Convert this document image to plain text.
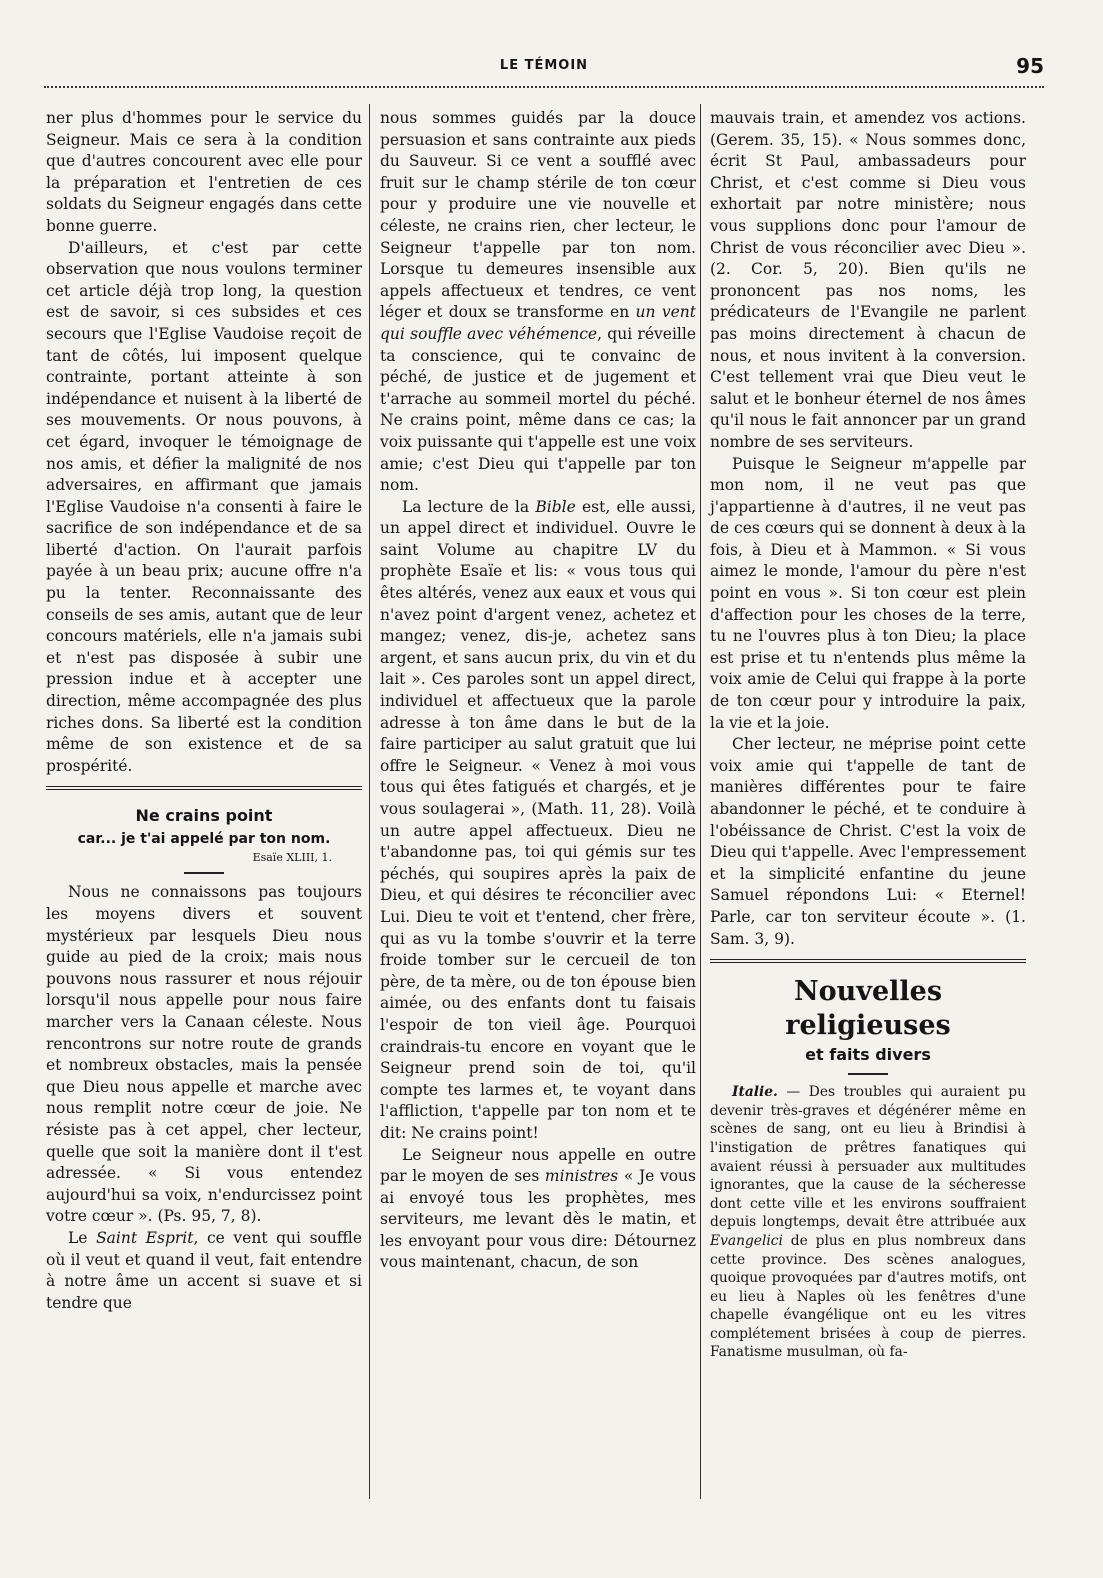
LE TÉMOIN	95

ner plus d'hommes pour le service du Seigneur. Mais ce sera à la condition que d'autres concourent avec elle pour la préparation et l'entretien de ces soldats du Seigneur engagés dans cette bonne guerre.

D'ailleurs, et c'est par cette observation que nous voulons terminer cet article déjà trop long, la question est de savoir, si ces subsides et ces secours que l'Eglise Vaudoise reçoit de tant de côtés, lui imposent quelque contrainte, portant atteinte à son indépendance et nuisent à la liberté de ses mouvements. Or nous pouvons, à cet égard, invoquer le témoignage de nos amis, et défier la malignité de nos adversaires, en affirmant que jamais l'Eglise Vaudoise n'a consenti à faire le sacrifice de son indépendance et de sa liberté d'action. On l'aurait parfois payée à un beau prix; aucune offre n'a pu la tenter. Reconnaissante des conseils de ses amis, autant que de leur concours matériels, elle n'a jamais subi et n'est pas disposée à subir une pression indue et à accepter une direction, même accompagnée des plus riches dons. Sa liberté est la condition même de son existence et de sa prospérité.

Ne crains point
car... je t'ai appelé par ton nom.
Esaïe XLIII, 1.

Nous ne connaissons pas toujours les moyens divers et souvent mystérieux par lesquels Dieu nous guide au pied de la croix; mais nous pouvons nous rassurer et nous réjouir lorsqu'il nous appelle pour nous faire marcher vers la Canaan céleste. Nous rencontrons sur notre route de grands et nombreux obstacles, mais la pensée que Dieu nous appelle et marche avec nous remplit notre cœur de joie. Ne résiste pas à cet appel, cher lecteur, quelle que soit la manière dont il t'est adressée. « Si vous entendez aujourd'hui sa voix, n'endurcissez point votre cœur ». (Ps. 95, 7, 8).

Le Saint Esprit, ce vent qui souffle où il veut et quand il veut, fait entendre à notre âme un accent si suave et si tendre que

nous sommes guidés par la douce persuasion et sans contrainte aux pieds du Sauveur. Si ce vent a soufflé avec fruit sur le champ stérile de ton cœur pour y produire une vie nouvelle et céleste, ne crains rien, cher lecteur, le Seigneur t'appelle par ton nom. Lorsque tu demeures insensible aux appels affectueux et tendres, ce vent léger et doux se transforme en un vent qui souffle avec véhémence, qui réveille ta conscience, qui te convainc de péché, de justice et de jugement et t'arrache au sommeil mortel du péché. Ne crains point, même dans ce cas; la voix puissante qui t'appelle est une voix amie; c'est Dieu qui t'appelle par ton nom.

La lecture de la Bible est, elle aussi, un appel direct et individuel. Ouvre le saint Volume au chapitre LV du prophète Esaïe et lis: « vous tous qui êtes altérés, venez aux eaux et vous qui n'avez point d'argent venez, achetez et mangez; venez, dis-je, achetez sans argent, et sans aucun prix, du vin et du lait ». Ces paroles sont un appel direct, individuel et affectueux que la parole adresse à ton âme dans le but de la faire participer au salut gratuit que lui offre le Seigneur. « Venez à moi vous tous qui êtes fatigués et chargés, et je vous soulagerai », (Math. 11, 28). Voilà un autre appel affectueux. Dieu ne t'abandonne pas, toi qui gémis sur tes péchés, qui soupires après la paix de Dieu, et qui désires te réconcilier avec Lui. Dieu te voit et t'entend, cher frère, qui as vu la tombe s'ouvrir et la terre froide tomber sur le cercueil de ton père, de ta mère, ou de ton épouse bien aimée, ou des enfants dont tu faisais l'espoir de ton vieil âge. Pourquoi craindrais-tu encore en voyant que le Seigneur prend soin de toi, qu'il compte tes larmes et, te voyant dans l'affliction, t'appelle par ton nom et te dit: Ne crains point!

Le Seigneur nous appelle en outre par le moyen de ses ministres « Je vous ai envoyé tous les prophètes, mes serviteurs, me levant dès le matin, et les envoyant pour vous dire: Détournez vous maintenant, chacun, de son

mauvais train, et amendez vos actions. (Gerem. 35, 15). « Nous sommes donc, écrit St Paul, ambassadeurs pour Christ, et c'est comme si Dieu vous exhortait par notre ministère; nous vous supplions donc pour l'amour de Christ de vous réconcilier avec Dieu ». (2. Cor. 5, 20). Bien qu'ils ne prononcent pas nos noms, les prédicateurs de l'Evangile ne parlent pas moins directement à chacun de nous, et nous invitent à la conversion. C'est tellement vrai que Dieu veut le salut et le bonheur éternel de nos âmes qu'il nous le fait annoncer par un grand nombre de ses serviteurs.

Puisque le Seigneur m'appelle par mon nom, il ne veut pas que j'appartienne à d'autres, il ne veut pas de ces cœurs qui se donnent à deux à la fois, à Dieu et à Mammon. « Si vous aimez le monde, l'amour du père n'est point en vous ». Si ton cœur est plein d'affection pour les choses de la terre, tu ne l'ouvres plus à ton Dieu; la place est prise et tu n'entends plus même la voix amie de Celui qui frappe à la porte de ton cœur pour y introduire la paix, la vie et la joie.

Cher lecteur, ne méprise point cette voix amie qui t'appelle de tant de manières différentes pour te faire abandonner le péché, et te conduire à l'obéissance de Christ. C'est la voix de Dieu qui t'appelle. Avec l'empressement et la simplicité enfantine du jeune Samuel répondons Lui: « Eternel! Parle, car ton serviteur écoute ». (1. Sam. 3, 9).

Nouvelles religieuses
et faits divers

Italie. — Des troubles qui auraient pu devenir très-graves et dégénérer même en scènes de sang, ont eu lieu à Brindisi à l'instigation de prêtres fanatiques qui avaient réussi à persuader aux multitudes ignorantes, que la cause de la sécheresse dont cette ville et les environs souffraient depuis longtemps, devait être attribuée aux Evangelici de plus en plus nombreux dans cette province. Des scènes analogues, quoique provoquées par d'autres motifs, ont eu lieu à Naples où les fenêtres d'une chapelle évangélique ont eu les vitres complétement brisées à coup de pierres. Fanatisme musulman, où fa-
